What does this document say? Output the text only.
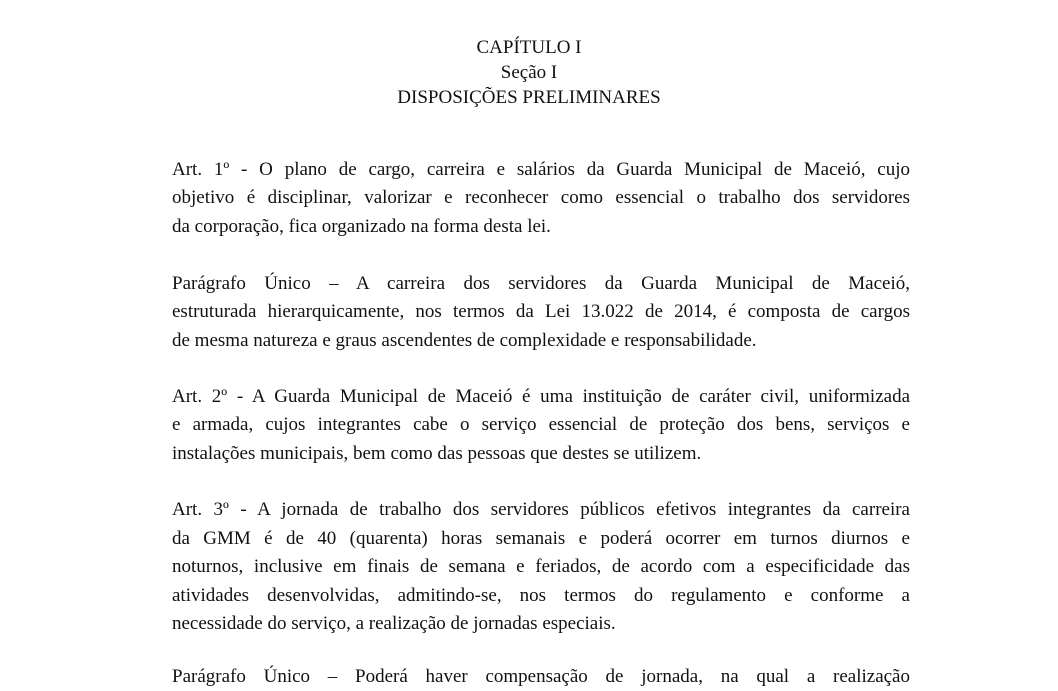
CAPÍTULO I
Seção I
DISPOSIÇÕES PRELIMINARES
Art. 1º - O plano de cargo, carreira e salários da Guarda Municipal de Maceió, cujo
objetivo é disciplinar, valorizar e reconhecer como essencial o trabalho dos servidores
da corporação, fica organizado na forma desta lei.
Parágrafo Único – A carreira dos servidores da Guarda Municipal de Maceió,
estruturada hierarquicamente, nos termos da Lei 13.022 de 2014, é composta de cargos
de mesma natureza e graus ascendentes de complexidade e responsabilidade.
Art. 2º - A Guarda Municipal de Maceió é uma instituição de caráter civil, uniformizada
e armada, cujos integrantes cabe o serviço essencial de proteção dos bens, serviços e
instalações municipais, bem como das pessoas que destes se utilizem.
Art. 3º - A jornada de trabalho dos servidores públicos efetivos integrantes da carreira
da GMM é de 40 (quarenta) horas semanais e poderá ocorrer em turnos diurnos e
noturnos, inclusive em finais de semana e feriados, de acordo com a especificidade das
atividades desenvolvidas, admitindo-se, nos termos do regulamento e conforme a
necessidade do serviço, a realização de jornadas especiais.
Parágrafo Único – Poderá haver compensação de jornada, na qual a realização
